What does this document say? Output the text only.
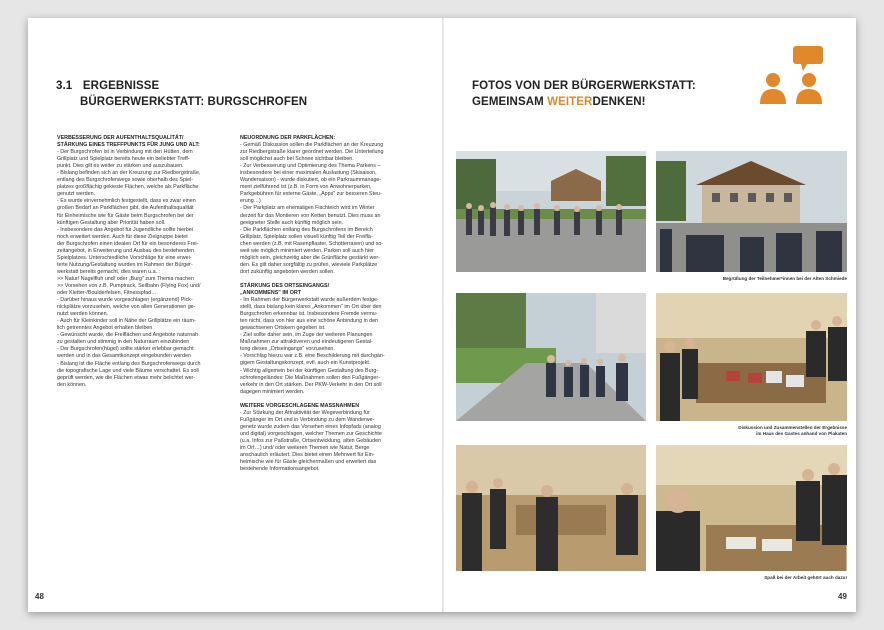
3.1 ERGEBNISSE
BÜRGERWERKSTATT: BURGSCHROFEN
VERBESSERUNG DER AUFENTHALTSQUALITÄT/
STÄRKUNG EINES TREFFPUNKTS FÜR JUNG UND ALT:
- Der Burgschrofen ist in Verbindung mit den Hütten, dem
Grillplatz und Spielplatz bereits heute ein beliebter Treff-
punkt. Dies gilt es weiter zu stärken und auszubauen.
- Bislang befinden sich an der Kreuzung zur Riedbergstraße,
entlang des Burgschrofenwegs sowie oberhalb des Spiel-
platzes großflächig gekieste Flächen, welche als Parkfläche
genutzt werden.
- Es wurde einvernehmlich festgestellt, dass es zwar einen
großen Bedarf an Parkflächen gibt, die Aufenthaltsqualität
für Einheimische wie für Gäste beim Burgschrofen bei der
künftigen Gestaltung aber Priorität haben soll.
- Insbesondere das Angebot für Jugendliche sollte hierbei
noch erweitert werden. Auch für diese Zielgruppe bietet
der Burgschrofen einen idealen Ort für ein besonderes Frei-
zeitangebot, in Erweiterung und Ausbau des bestehenden
Spielplatzes. Unterschiedliche Vorschläge für eine erwei-
terte Nutzung/Gestaltung wurden im Rahmen der Bürger-
werkstatt bereits gemacht, dies waren u.a. :
>> Natur/ Nagelfluh und/ oder „Burg" zum Thema machen
>> Vorsehen von z.B. Pumptrack, Seilbahn (Flying Fox) und/
oder Kletter-/Boulderfelsen, Fitnesspfad…
- Darüber hinaus wurde vorgeschlagen (ergänzend) Pick-
nickplätze vorzusehen, welche von allen Generationen ge-
nutzt werden können.
- Auch für Kleinkinder soll in Nähe der Grillplätze ein räum-
lich getrenntes Angebot erhalten bleiben
- Gewünscht wurde, die Freiflächen und Angebote naturnah
zu gestalten und stimmig in den Naturraum einzubinden
- Der Burgschrofen(hügel) sollte stärker erlebbar gemacht
werden und in das Gesamtkonzept eingebunden werden
- Bislang ist die Fläche entlang des Burgschrofenwegs durch
die topografische Lage und viele Bäume verschattet. Es soll
geprüft werden, wie die Flächen etwas mehr belichtet wer-
den können.
NEUORDNUNG DER PARKFLÄCHEN:
- Gemäß Diskussion sollen die Parkflächen an der Kreuzung
zur Riedbergstraße klarer geordnet werden. Die Unterteilung
soll möglichst auch bei Schnee sichtbar bleiben.
- Zur Verbesserung und Optimierung des Thema Parkens –
insbesondere bei einer maximalen Auslastung (Skisaison,
Wandersaison) - wurde diskutiert, ob ein Parkraummanage-
ment zielführend ist (z.B. in Form von Anwohnerparken,
Parkgebühren für externe Gäste, „Apps" zur besseren Steu-
erung…)
- Der Parkplatz am ehemaligen Fischteich wird im Winter
derzeit für das Montieren von Ketten benutzt. Dies muss an
geeigneter Stelle auch künftig möglich sein.
- Die Parkflächen entlang des Burgschrofens im Bereich
Grillplatz, Spielplatz sollen visuell künftig Teil der Freiflä-
chen werden (z.B. mit Rasenpflaster, Schotterrasen) und so-
weit wie möglich minimiert werden. Parken soll auch hier
möglich sein, gleichzeitig aber die Grünfläche gestärkt wer-
den. Es gilt daher sorgfältig zu prüfen, wieviele Parkplätze
dort zukünftig angeboten werden sollen.
STÄRKUNG DES ORTSEINGANGS/
„ANKOMMENS" IM ORT
- Im Rahmen der Bürgerwerkstatt wurde außerdem festge-
stellt, dass bislang kein klares „Ankommen" im Ort über den
Burgschrofen erkennbar ist. Insbesondere Fremde vermu-
ten nicht, dass von hier aus eine schöne Anbindung in den
gewachsenen Ortskern gegeben ist.
- Ziel sollte daher sein, im Zuge der weiteren Planungen
Maßnahmen zur attraktiveren und eindeutigeren Gestal-
tung dieses „Ortseingangs" vorzusehen.
- Vorschlag hierzu war z.B. eine Beschilderung mit durchgän-
gigem Gestaltungskonzept, evtl. auch ein Kunstprojekt.
- Wichtig allgemein bei der künftigen Gestaltung des Burg-
schrofengeländes: Die Maßnahmen sollen den Fußgänger-
verkehr in den Ort stärken. Der PKW-Verkehr in den Ort soll
dagegen minimiert werden.
WEITERE VORGESCHLAGENE MASSNAHMEN
- Zur Stärkung der Attraktivität der Wegeverbindung für
Fußgänger im Ort und in Verbindung zu dem Wanderwe-
genetz wurde zudem das Vorsehen eines Infopfads (analog
und digital) vorgeschlagen, welcher Themen zur Geschichte
(u.a. Infos zur Paßstraße, Ortsentwicklung, alten Gebäuden
im Ort…) und/ oder weiteren Themen wie Natur, Berge
anschaulich erläutert. Dies bietet einen Mehrwert für Ein-
heimische wie für Gäste gleichermaßen und erweitert das
bestehende Informationsangebot.
48
FOTOS VON DER BÜRGERWERKSTATT:
GEMEINSAM WEITERDENKEN!
Begrüßung der Teilnehmer*innen bei der Alten Schmiede
Diskussion und Zusammenstellen der Ergebnisse
im Haus des Gastes anhand von Plakaten
Spaß bei der Arbeit gehört auch dazu!
49
